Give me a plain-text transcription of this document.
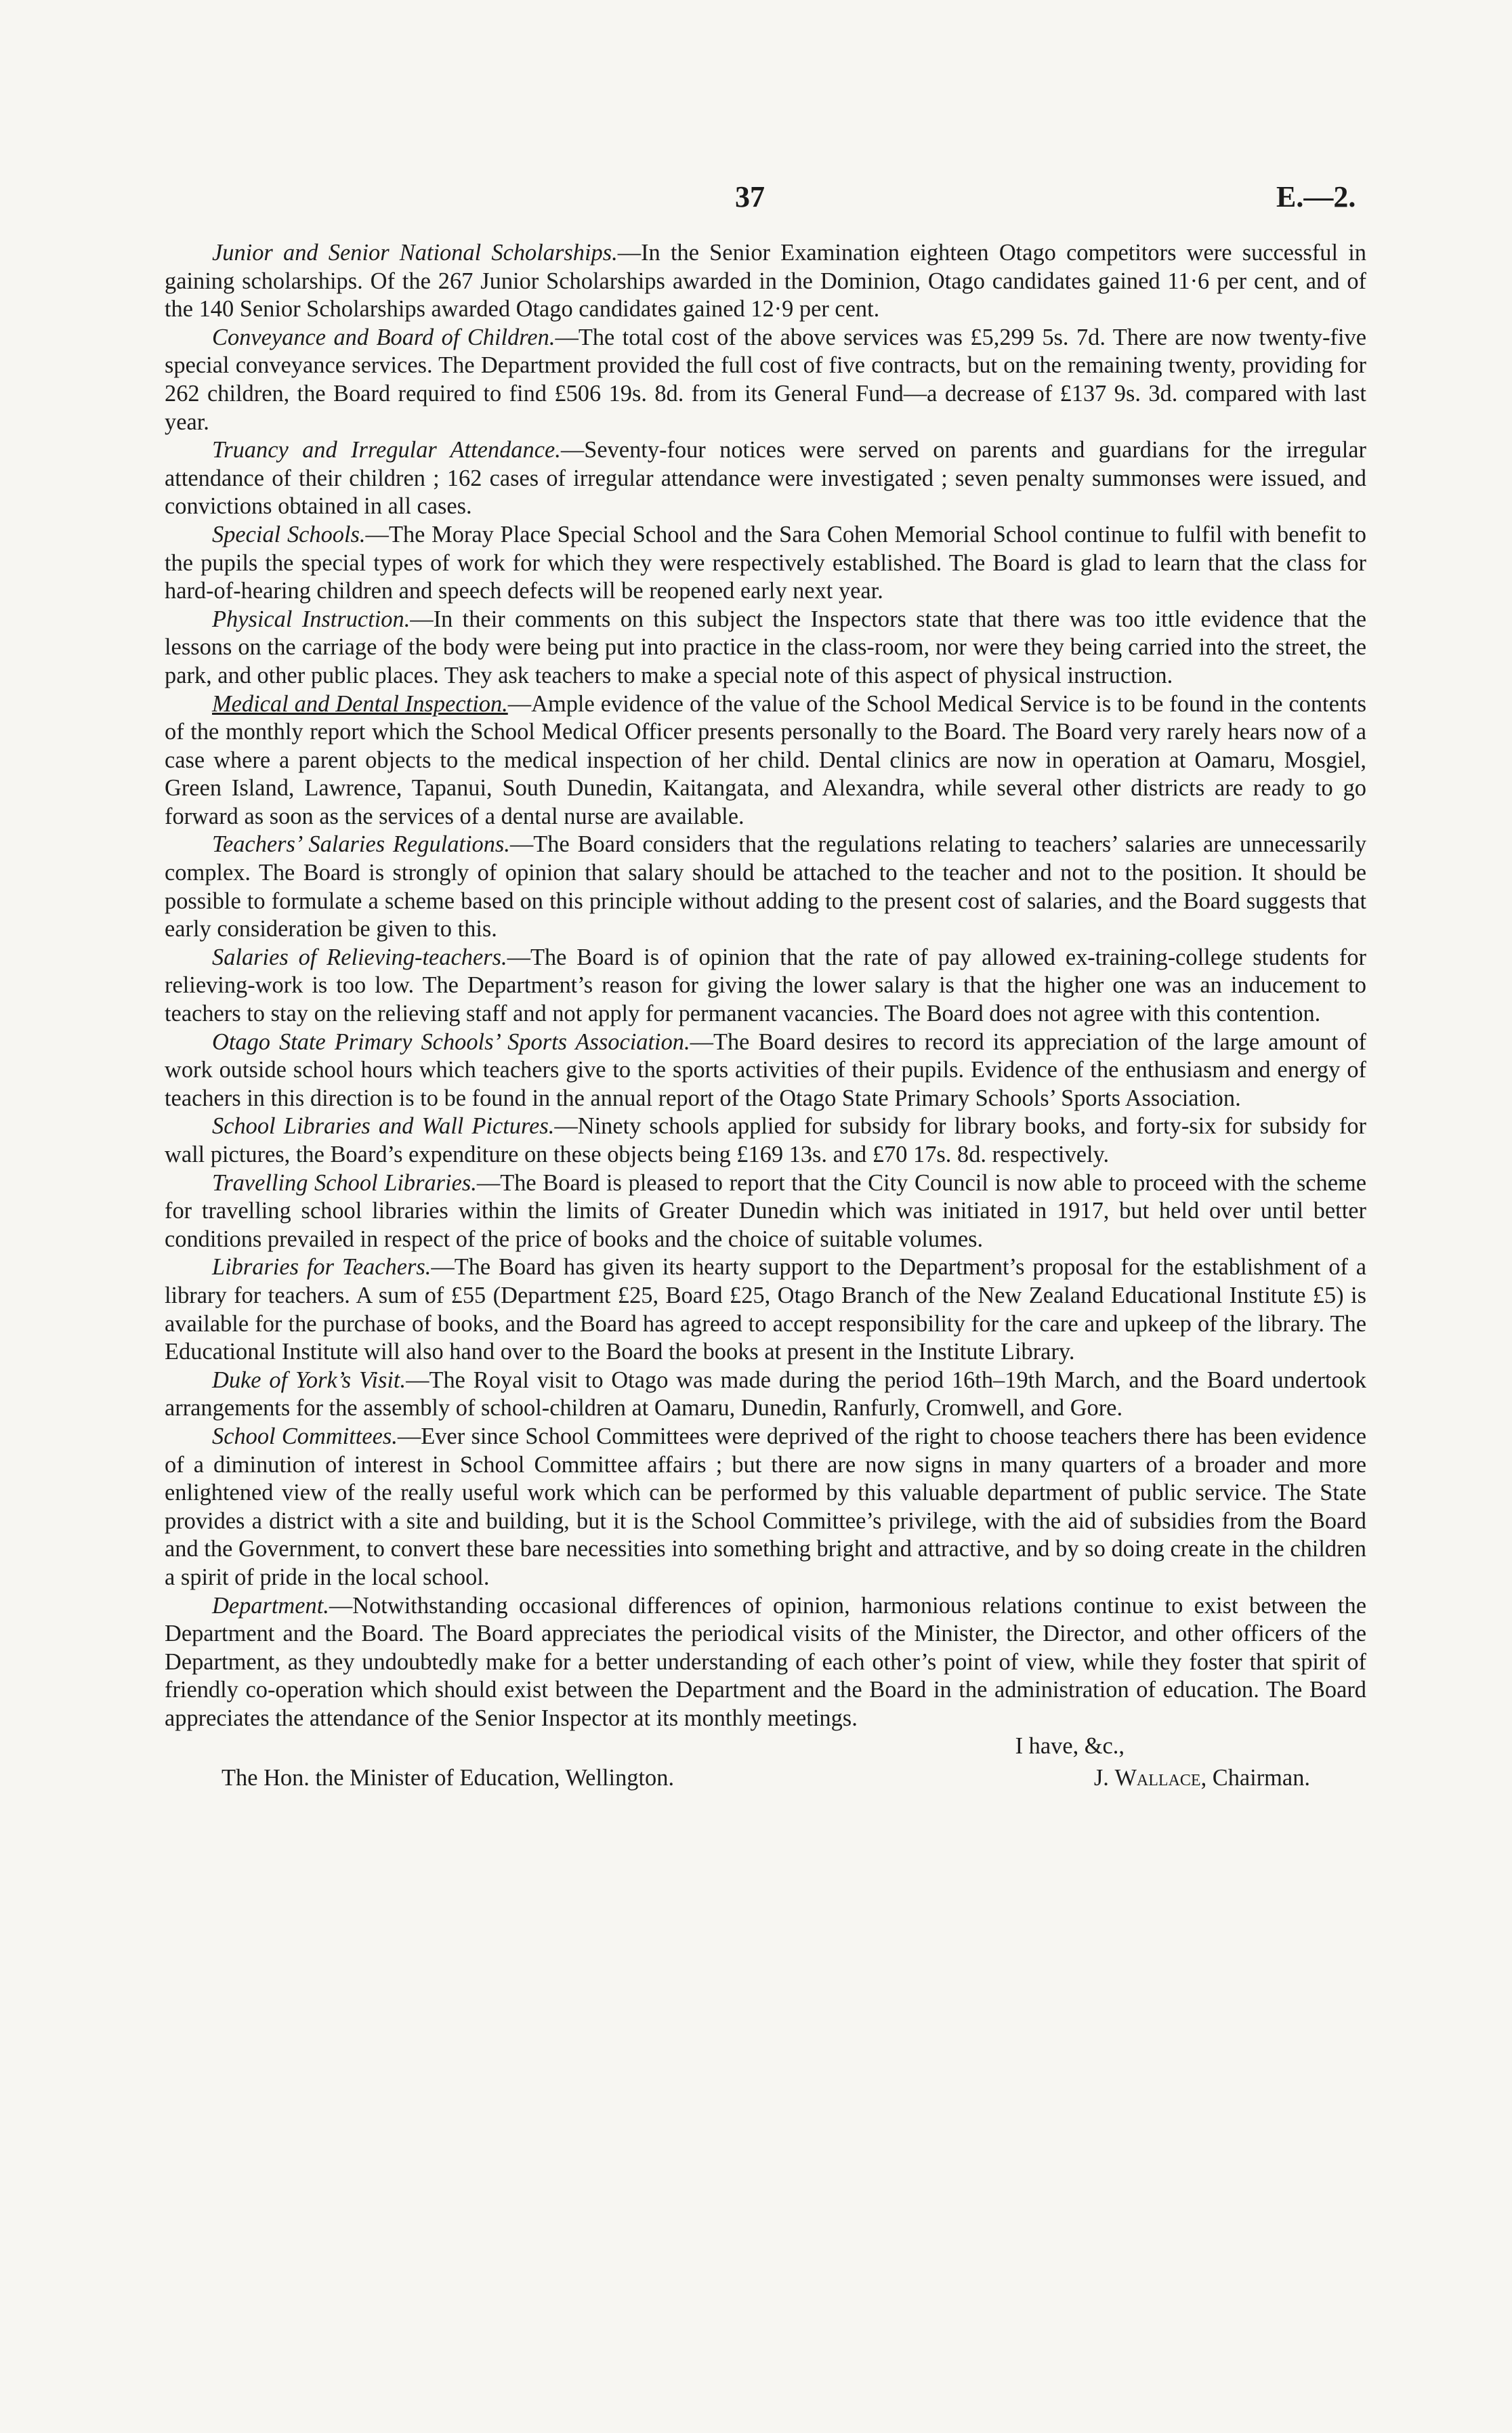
37	E.—2.

Junior and Senior National Scholarships.—In the Senior Examination eighteen Otago competitors were successful in gaining scholarships. Of the 267 Junior Scholarships awarded in the Dominion, Otago candidates gained 11·6 per cent, and of the 140 Senior Scholarships awarded Otago candidates gained 12·9 per cent.

Conveyance and Board of Children.—The total cost of the above services was £5,299 5s. 7d. There are now twenty-five special conveyance services. The Department provided the full cost of five contracts, but on the remaining twenty, providing for 262 children, the Board required to find £506 19s. 8d. from its General Fund—a decrease of £137 9s. 3d. compared with last year.

Truancy and Irregular Attendance.—Seventy-four notices were served on parents and guardians for the irregular attendance of their children ; 162 cases of irregular attendance were investigated ; seven penalty summonses were issued, and convictions obtained in all cases.

Special Schools.—The Moray Place Special School and the Sara Cohen Memorial School continue to fulfil with benefit to the pupils the special types of work for which they were respectively established. The Board is glad to learn that the class for hard-of-hearing children and speech defects will be reopened early next year.

Physical Instruction.—In their comments on this subject the Inspectors state that there was too ittle evidence that the lessons on the carriage of the body were being put into practice in the class-room, nor were they being carried into the street, the park, and other public places. They ask teachers to make a special note of this aspect of physical instruction.

Medical and Dental Inspection.—Ample evidence of the value of the School Medical Service is to be found in the contents of the monthly report which the School Medical Officer presents personally to the Board. The Board very rarely hears now of a case where a parent objects to the medical inspection of her child. Dental clinics are now in operation at Oamaru, Mosgiel, Green Island, Lawrence, Tapanui, South Dunedin, Kaitangata, and Alexandra, while several other districts are ready to go forward as soon as the services of a dental nurse are available.

Teachers’ Salaries Regulations.—The Board considers that the regulations relating to teachers’ salaries are unnecessarily complex. The Board is strongly of opinion that salary should be attached to the teacher and not to the position. It should be possible to formulate a scheme based on this principle without adding to the present cost of salaries, and the Board suggests that early consideration be given to this.

Salaries of Relieving-teachers.—The Board is of opinion that the rate of pay allowed ex-training-college students for relieving-work is too low. The Department’s reason for giving the lower salary is that the higher one was an inducement to teachers to stay on the relieving staff and not apply for permanent vacancies. The Board does not agree with this contention.

Otago State Primary Schools’ Sports Association.—The Board desires to record its appreciation of the large amount of work outside school hours which teachers give to the sports activities of their pupils. Evidence of the enthusiasm and energy of teachers in this direction is to be found in the annual report of the Otago State Primary Schools’ Sports Association.

School Libraries and Wall Pictures.—Ninety schools applied for subsidy for library books, and forty-six for subsidy for wall pictures, the Board’s expenditure on these objects being £169 13s. and £70 17s. 8d. respectively.

Travelling School Libraries.—The Board is pleased to report that the City Council is now able to proceed with the scheme for travelling school libraries within the limits of Greater Dunedin which was initiated in 1917, but held over until better conditions prevailed in respect of the price of books and the choice of suitable volumes.

Libraries for Teachers.—The Board has given its hearty support to the Department’s proposal for the establishment of a library for teachers. A sum of £55 (Department £25, Board £25, Otago Branch of the New Zealand Educational Institute £5) is available for the purchase of books, and the Board has agreed to accept responsibility for the care and upkeep of the library. The Educational Institute will also hand over to the Board the books at present in the Institute Library.

Duke of York’s Visit.—The Royal visit to Otago was made during the period 16th–19th March, and the Board undertook arrangements for the assembly of school-children at Oamaru, Dunedin, Ranfurly, Cromwell, and Gore.

School Committees.—Ever since School Committees were deprived of the right to choose teachers there has been evidence of a diminution of interest in School Committee affairs ; but there are now signs in many quarters of a broader and more enlightened view of the really useful work which can be performed by this valuable department of public service. The State provides a district with a site and building, but it is the School Committee’s privilege, with the aid of subsidies from the Board and the Government, to convert these bare necessities into something bright and attractive, and by so doing create in the children a spirit of pride in the local school.

Department.—Notwithstanding occasional differences of opinion, harmonious relations continue to exist between the Department and the Board. The Board appreciates the periodical visits of the Minister, the Director, and other officers of the Department, as they undoubtedly make for a better understanding of each other’s point of view, while they foster that spirit of friendly co-operation which should exist between the Department and the Board in the administration of education. The Board appreciates the attendance of the Senior Inspector at its monthly meetings.

I have, &c.,

The Hon. the Minister of Education, Wellington.	J. Wallace, Chairman.
